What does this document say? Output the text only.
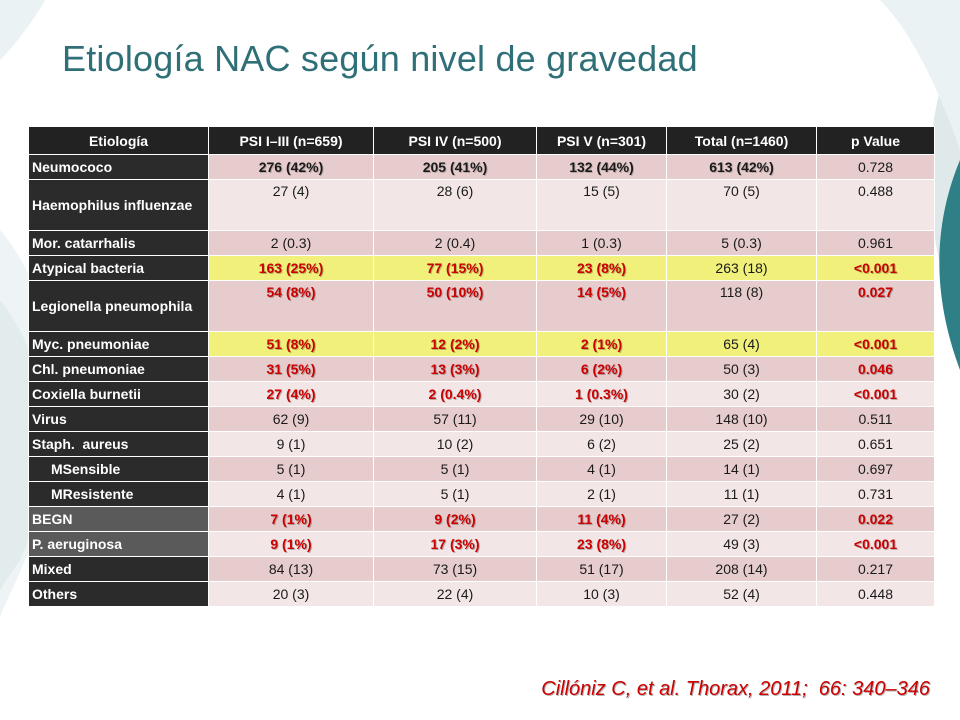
Etiología NAC según nivel de gravedad
Etiología	PSI I–III (n=659)	PSI IV (n=500)	PSI V (n=301)	Total (n=1460)	p Value
Neumococo	276 (42%)	205 (41%)	132 (44%)	613 (42%)	0.728
Haemophilus influenzae	27 (4)	28 (6)	15 (5)	70 (5)	0.488
Mor. catarrhalis	2 (0.3)	2 (0.4)	1 (0.3)	5 (0.3)	0.961
Atypical bacteria	163 (25%)	77 (15%)	23 (8%)	263 (18)	<0.001
Legionella pneumophila	54 (8%)	50 (10%)	14 (5%)	118 (8)	0.027
Myc. pneumoniae	51 (8%)	12 (2%)	2 (1%)	65 (4)	<0.001
Chl. pneumoniae	31 (5%)	13 (3%)	6 (2%)	50 (3)	0.046
Coxiella burnetii	27 (4%)	2 (0.4%)	1 (0.3%)	30 (2)	<0.001
Virus	62 (9)	57 (11)	29 (10)	148 (10)	0.511
Staph.  aureus	9 (1)	10 (2)	6 (2)	25 (2)	0.651
MSensible	5 (1)	5 (1)	4 (1)	14 (1)	0.697
MResistente	4 (1)	5 (1)	2 (1)	11 (1)	0.731
BEGN	7 (1%)	9 (2%)	11 (4%)	27 (2)	0.022
P. aeruginosa	9 (1%)	17 (3%)	23 (8%)	49 (3)	<0.001
Mixed	84 (13)	73 (15)	51 (17)	208 (14)	0.217
Others	20 (3)	22 (4)	10 (3)	52 (4)	0.448
Cillóniz C, et al. Thorax, 2011;  66: 340–346
